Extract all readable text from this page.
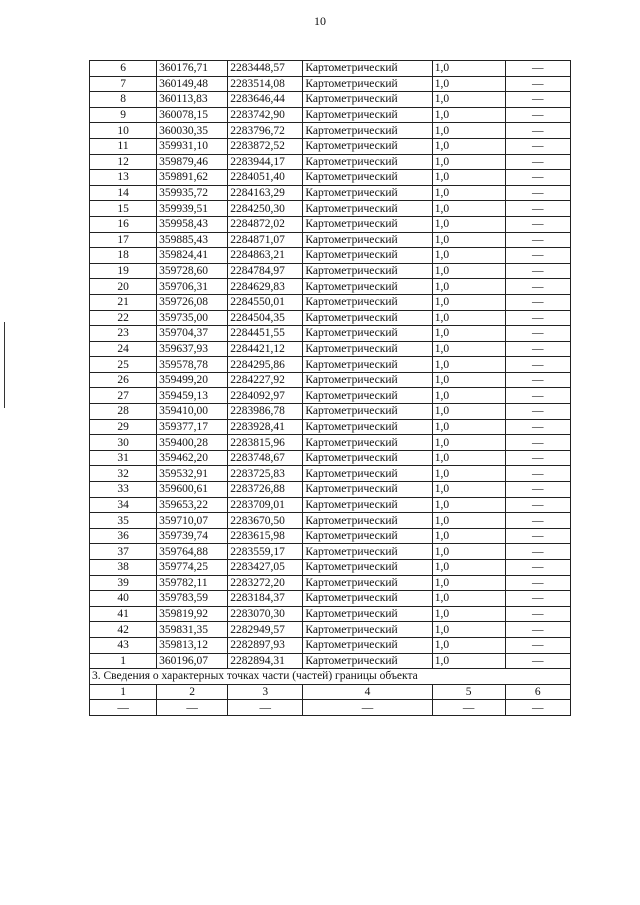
10
6	360176,71	2283448,57	Картометрический	1,0	—
7	360149,48	2283514,08	Картометрический	1,0	—
8	360113,83	2283646,44	Картометрический	1,0	—
9	360078,15	2283742,90	Картометрический	1,0	—
10	360030,35	2283796,72	Картометрический	1,0	—
11	359931,10	2283872,52	Картометрический	1,0	—
12	359879,46	2283944,17	Картометрический	1,0	—
13	359891,62	2284051,40	Картометрический	1,0	—
14	359935,72	2284163,29	Картометрический	1,0	—
15	359939,51	2284250,30	Картометрический	1,0	—
16	359958,43	2284872,02	Картометрический	1,0	—
17	359885,43	2284871,07	Картометрический	1,0	—
18	359824,41	2284863,21	Картометрический	1,0	—
19	359728,60	2284784,97	Картометрический	1,0	—
20	359706,31	2284629,83	Картометрический	1,0	—
21	359726,08	2284550,01	Картометрический	1,0	—
22	359735,00	2284504,35	Картометрический	1,0	—
23	359704,37	2284451,55	Картометрический	1,0	—
24	359637,93	2284421,12	Картометрический	1,0	—
25	359578,78	2284295,86	Картометрический	1,0	—
26	359499,20	2284227,92	Картометрический	1,0	—
27	359459,13	2284092,97	Картометрический	1,0	—
28	359410,00	2283986,78	Картометрический	1,0	—
29	359377,17	2283928,41	Картометрический	1,0	—
30	359400,28	2283815,96	Картометрический	1,0	—
31	359462,20	2283748,67	Картометрический	1,0	—
32	359532,91	2283725,83	Картометрический	1,0	—
33	359600,61	2283726,88	Картометрический	1,0	—
34	359653,22	2283709,01	Картометрический	1,0	—
35	359710,07	2283670,50	Картометрический	1,0	—
36	359739,74	2283615,98	Картометрический	1,0	—
37	359764,88	2283559,17	Картометрический	1,0	—
38	359774,25	2283427,05	Картометрический	1,0	—
39	359782,11	2283272,20	Картометрический	1,0	—
40	359783,59	2283184,37	Картометрический	1,0	—
41	359819,92	2283070,30	Картометрический	1,0	—
42	359831,35	2282949,57	Картометрический	1,0	—
43	359813,12	2282897,93	Картометрический	1,0	—
1	360196,07	2282894,31	Картометрический	1,0	—
3. Сведения о характерных точках части (частей) границы объекта					
1	2	3	4	5	6
—	—	—	—	—	—
